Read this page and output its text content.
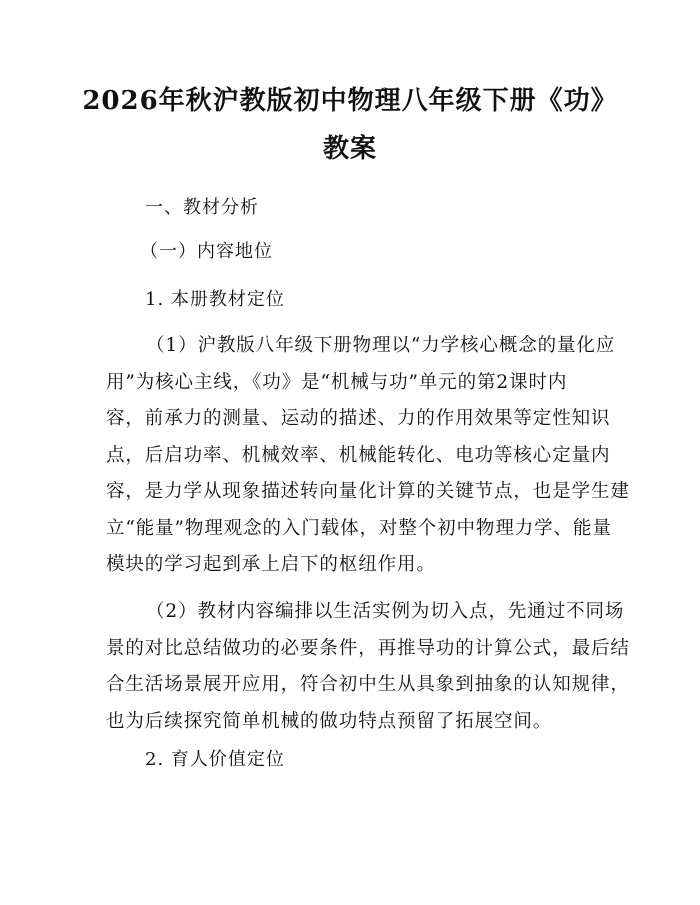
2026年秋沪教版初中物理八年级下册《功》
教案
一、教材分析
（一）内容地位
1. 本册教材定位

（1）沪教版八年级下册物理以“力学核心概念的量化应

用”为核心主线，《功》是“机械与功”单元的第2课时内

容，前承力的测量、运动的描述、力的作用效果等定性知识

点，后启功率、机械效率、机械能转化、电功等核心定量内

容，是力学从现象描述转向量化计算的关键节点，也是学生建

立“能量”物理观念的入门载体，对整个初中物理力学、能量

模块的学习起到承上启下的枢纽作用。

（2）教材内容编排以生活实例为切入点，先通过不同场

景的对比总结做功的必要条件，再推导功的计算公式，最后结

合生活场景展开应用，符合初中生从具象到抽象的认知规律，

也为后续探究简单机械的做功特点预留了拓展空间。

2. 育人价值定位
